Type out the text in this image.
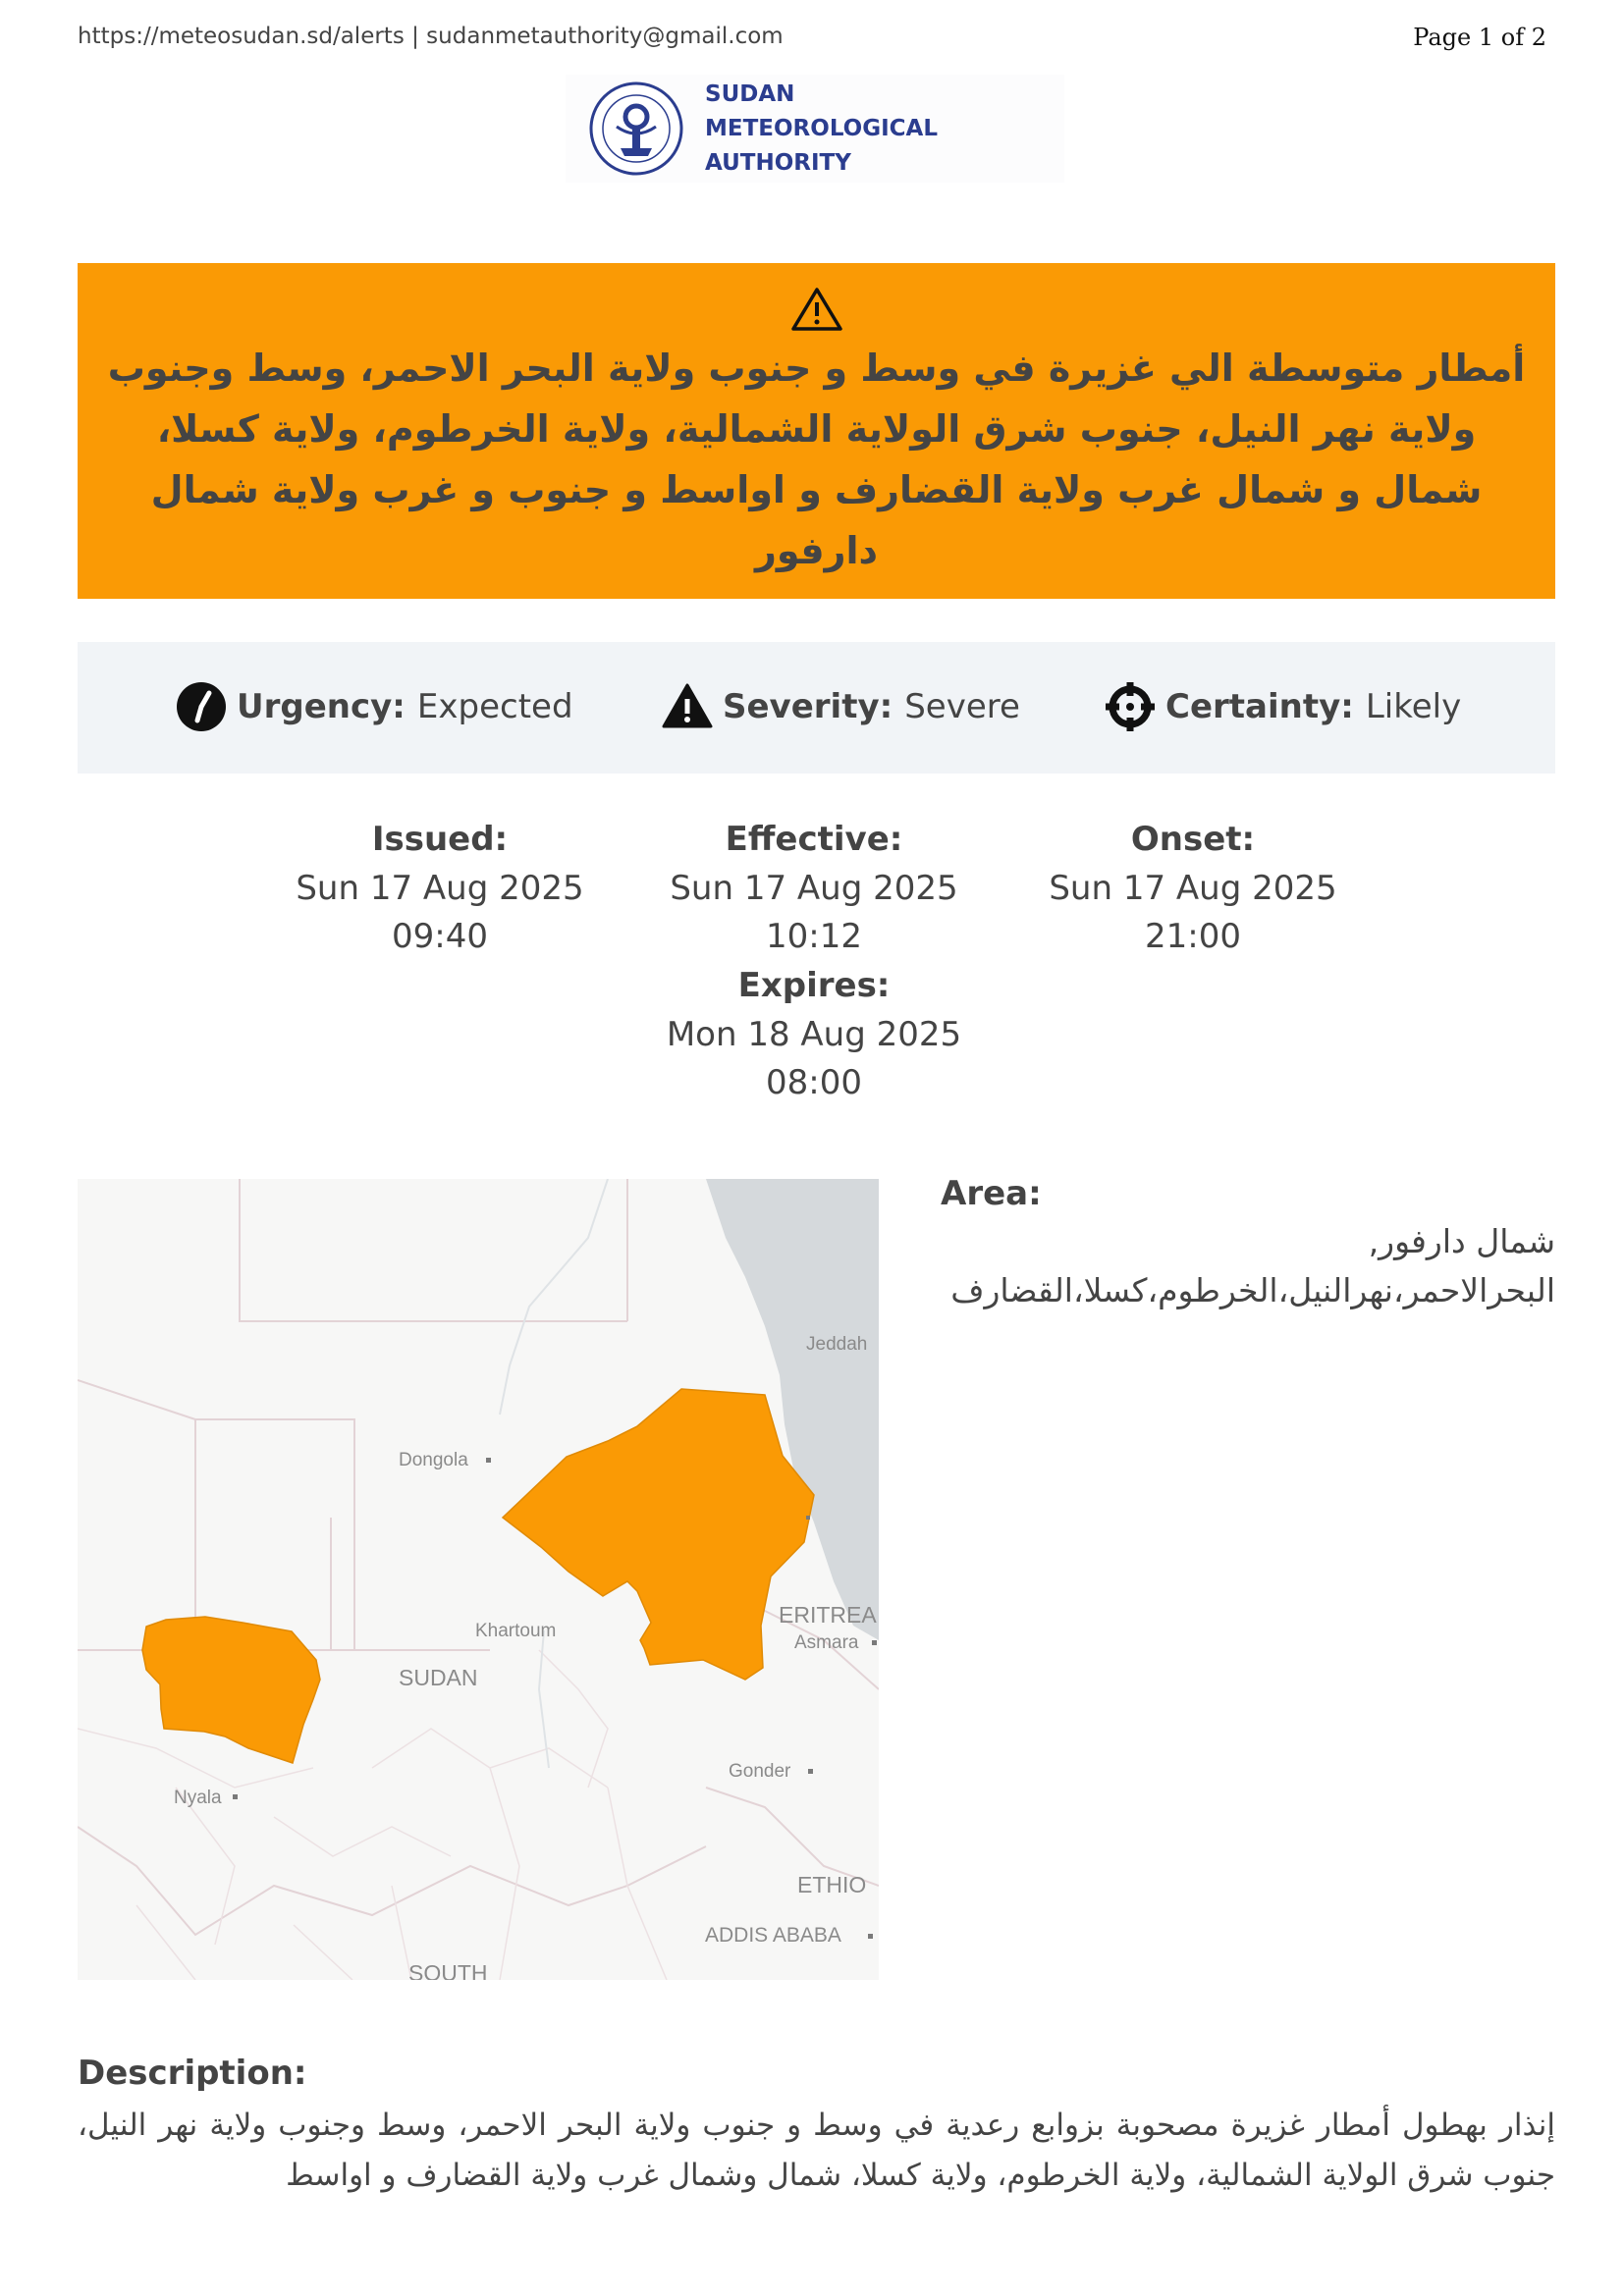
https://meteosudan.sd/alerts | sudanmetauthority@gmail.com	Page 1 of 2
SUDAN
METEOROLOGICAL
AUTHORITY
أمطار متوسطة الي غزيرة في وسط و جنوب ولاية البحر الاحمر، وسط وجنوب ولاية نهر النيل، جنوب شرق الولاية الشمالية، ولاية الخرطوم، ولاية كسلا، شمال و شمال غرب ولاية القضارف و اواسط و جنوب و غرب ولاية شمال دارفور
Urgency: Expected	Severity: Severe	Certainty: Likely
Issued:
Sun 17 Aug 2025
09:40
Effective:
Sun 17 Aug 2025
10:12
Onset:
Sun 17 Aug 2025
21:00
Expires:
Mon 18 Aug 2025
08:00
Jeddah
Dongola
Khartoum
SUDAN
ERITREA
Asmara
Gonder
Nyala
ETHIO
ADDIS ABABA
SOUTH
Area:
شمال دارفور, البحرالاحمر،نهرالنيل،الخرطوم،كسلا،القضارف
Description:
إنذار بهطول أمطار غزيرة مصحوبة بزوابع رعدية في وسط و جنوب ولاية البحر الاحمر، وسط وجنوب ولاية نهر النيل، جنوب شرق الولاية الشمالية، ولاية الخرطوم، ولاية كسلا، شمال وشمال غرب ولاية القضارف و اواسط
